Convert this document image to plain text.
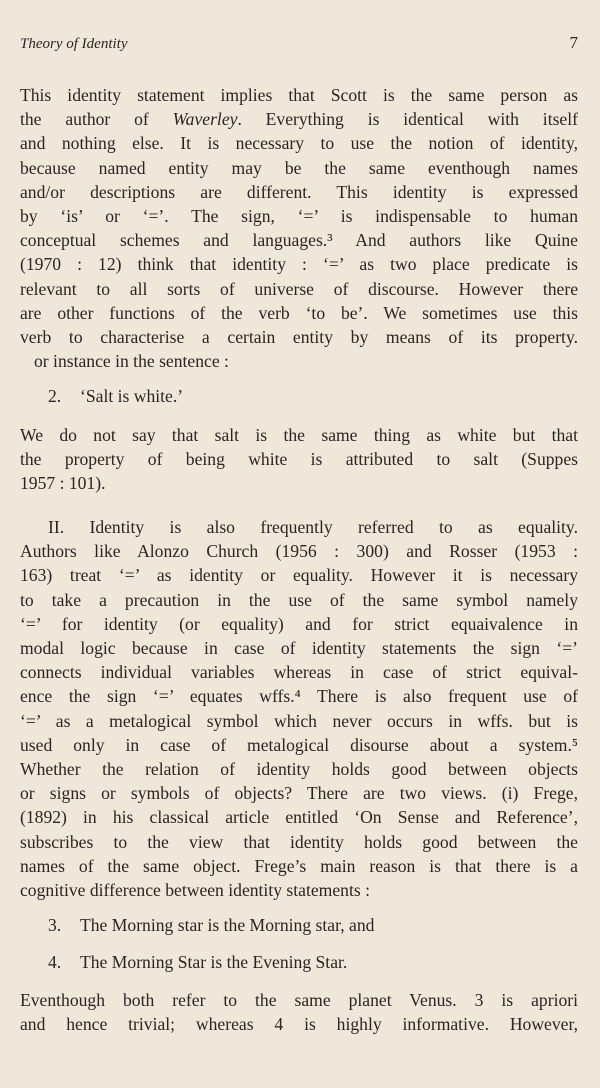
Theory of Identity	7
This identity statement implies that Scott is the same person as
the author of Waverley. Everything is identical with itself
and nothing else. It is necessary to use the notion of identity,
because named entity may be the same eventhough names
and/or descriptions are different. This identity is expressed
by ‘is’ or ‘=’. The sign, ‘=’ is indispensable to human
conceptual schemes and languages.³ And authors like Quine
(1970 : 12) think that identity : ‘=’ as two place predicate is
relevant to all sorts of universe of discourse. However there
are other functions of the verb ‘to be’. We sometimes use this
verb to characterise a certain entity by means of its property.
or instance in the sentence :
2. ‘Salt is white.’
We do not say that salt is the same thing as white but that
the property of being white is attributed to salt (Suppes
1957 : 101).
II. Identity is also frequently referred to as equality.
Authors like Alonzo Church (1956 : 300) and Rosser (1953 :
163) treat ‘=’ as identity or equality. However it is necessary
to take a precaution in the use of the same symbol namely
‘=’ for identity (or equality) and for strict equaivalence in
modal logic because in case of identity statements the sign ‘=’
connects individual variables whereas in case of strict equival-
ence the sign ‘=’ equates wffs.⁴ There is also frequent use of
‘=’ as a metalogical symbol which never occurs in wffs. but is
used only in case of metalogical disourse about a system.⁵
Whether the relation of identity holds good between objects
or signs or symbols of objects? There are two views. (i) Frege,
(1892) in his classical article entitled ‘On Sense and Reference’,
subscribes to the view that identity holds good between the
names of the same object. Frege’s main reason is that there is a
cognitive difference between identity statements :
3. The Morning star is the Morning star, and
4. The Morning Star is the Evening Star.
Eventhough both refer to the same planet Venus. 3 is apriori
and hence trivial; whereas 4 is highly informative. However,
